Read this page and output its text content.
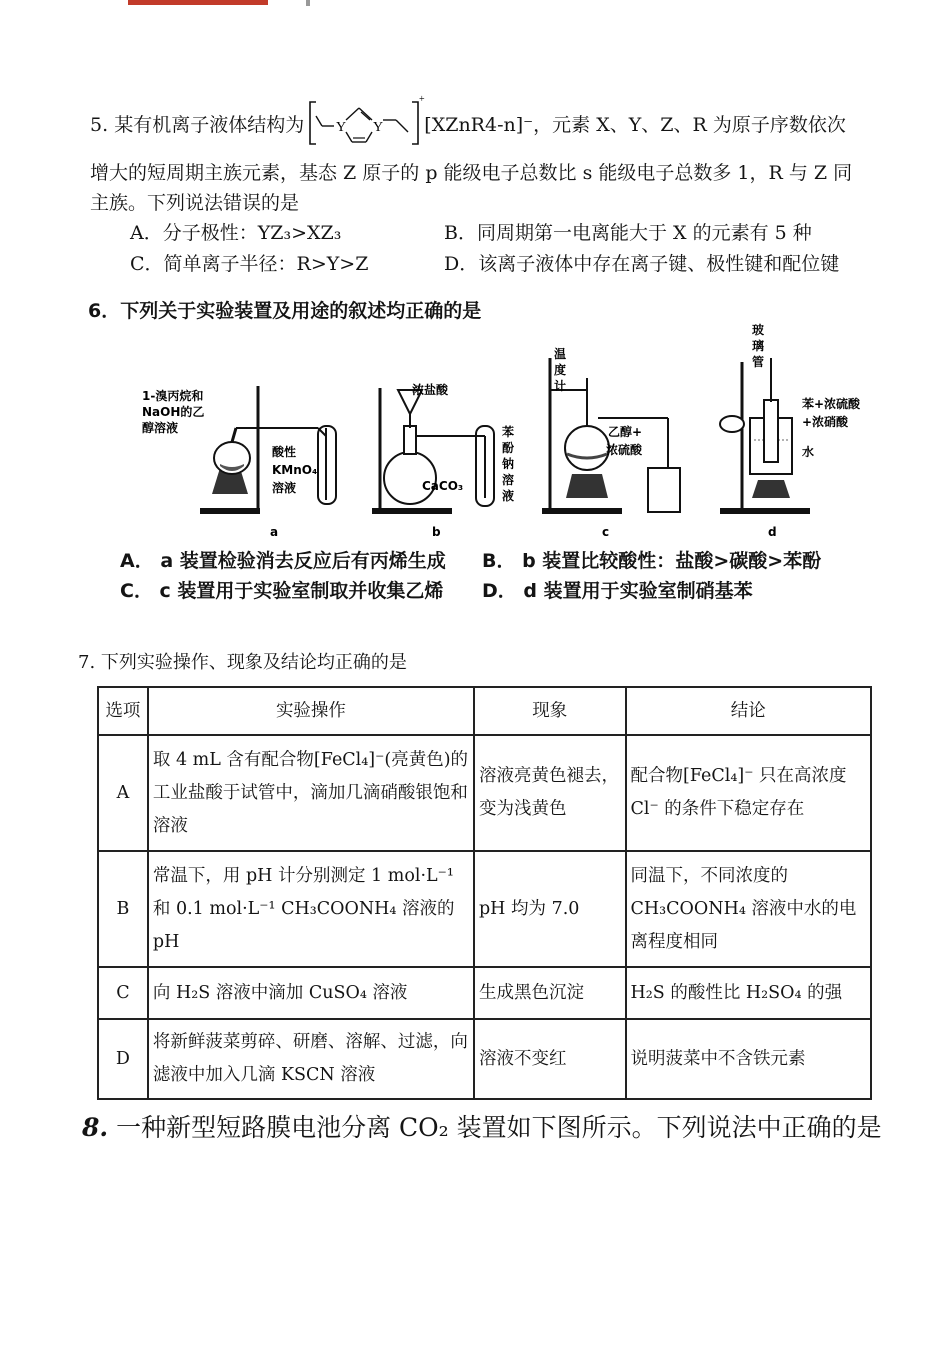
5. 某有机离子液体结构为 Y Y
+
[XZnR4-n]⁻，元素 X、Y、Z、R 为原子序数依次
增大的短周期主族元素，基态 Z 原子的 p 能级电子总数比 s 能级电子总数多 1，R 与 Z 同
主族。下列说法错误的是
A．分子极性：YZ₃>XZ₃	B．同周期第一电离能大于 X 的元素有 5 种
C．简单离子半径：R>Y>Z	D．该离子液体中存在离子键、极性键和配位键
6．下列关于实验装置及用途的叙述均正确的是
1-溴丙烷和
NaOH的乙
醇溶液
酸性
KMnO₄
溶液
a
浓盐酸
CaCO₃
苯
酚
钠
溶
液
b
温
度
计
乙醇+
浓硫酸
c
玻
璃
管
苯+浓硫酸
+浓硝酸
水
d
A． a 装置检验消去反应后有丙烯生成 B． b 装置比较酸性：盐酸>碳酸>苯酚
C． c 装置用于实验室制取并收集乙烯 D． d 装置用于实验室制硝基苯
7. 下列实验操作、现象及结论均正确的是
选项	实验操作	现象	结论
A	取 4 mL 含有配合物[FeCl₄]⁻(亮黄色)的工业盐酸于试管中，滴加几滴硝酸银饱和溶液	溶液亮黄色褪去，变为浅黄色	配合物[FeCl₄]⁻ 只在高浓度 Cl⁻ 的条件下稳定存在
B	常温下，用 pH 计分别测定 1 mol·L⁻¹ 和 0.1 mol·L⁻¹ CH₃COONH₄ 溶液的 pH	pH 均为 7.0	同温下，不同浓度的 CH₃COONH₄ 溶液中水的电离程度相同
C	向 H₂S 溶液中滴加 CuSO₄ 溶液	生成黑色沉淀	H₂S 的酸性比 H₂SO₄ 的强
D	将新鲜菠菜剪碎、研磨、溶解、过滤，向滤液中加入几滴 KSCN 溶液	溶液不变红	说明菠菜中不含铁元素
8. 一种新型短路膜电池分离 CO₂ 装置如下图所示。下列说法中正确的是
